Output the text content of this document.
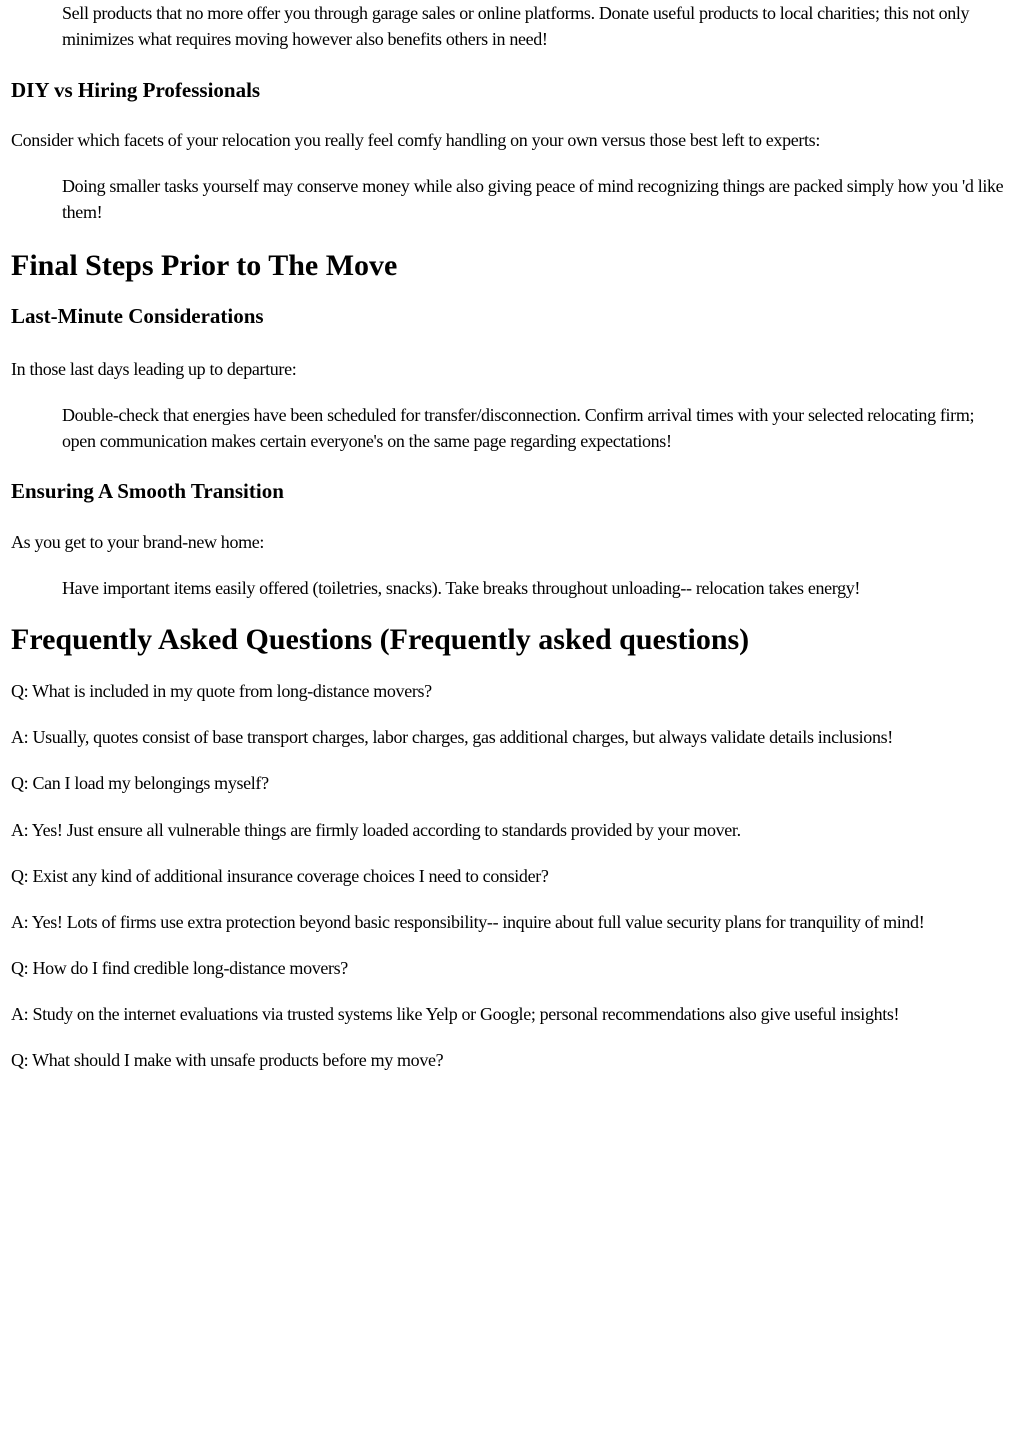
Sell products that no more offer you through garage sales or online platforms. Donate useful products to local charities; this not only minimizes what requires moving however also benefits others in need!
DIY vs Hiring Professionals

Consider which facets of your relocation you really feel comfy handling on your own versus those best left to experts:

Doing smaller tasks yourself may conserve money while also giving peace of mind recognizing things are packed simply how you 'd like them!
Final Steps Prior to The Move
Last-Minute Considerations

In those last days leading up to departure:

Double-check that energies have been scheduled for transfer/disconnection. Confirm arrival times with your selected relocating firm; open communication makes certain everyone's on the same page regarding expectations!
Ensuring A Smooth Transition

As you get to your brand-new home:

Have important items easily offered (toiletries, snacks). Take breaks throughout unloading-- relocation takes energy!
Frequently Asked Questions (Frequently asked questions)

Q: What is included in my quote from long-distance movers?

A: Usually, quotes consist of base transport charges, labor charges, gas additional charges, but always validate details inclusions!

Q: Can I load my belongings myself?

A: Yes! Just ensure all vulnerable things are firmly loaded according to standards provided by your mover.

Q: Exist any kind of additional insurance coverage choices I need to consider?

A: Yes! Lots of firms use extra protection beyond basic responsibility-- inquire about full value security plans for tranquility of mind!

Q: How do I find credible long-distance movers?

A: Study on the internet evaluations via trusted systems like Yelp or Google; personal recommendations also give useful insights!

Q: What should I make with unsafe products before my move?
